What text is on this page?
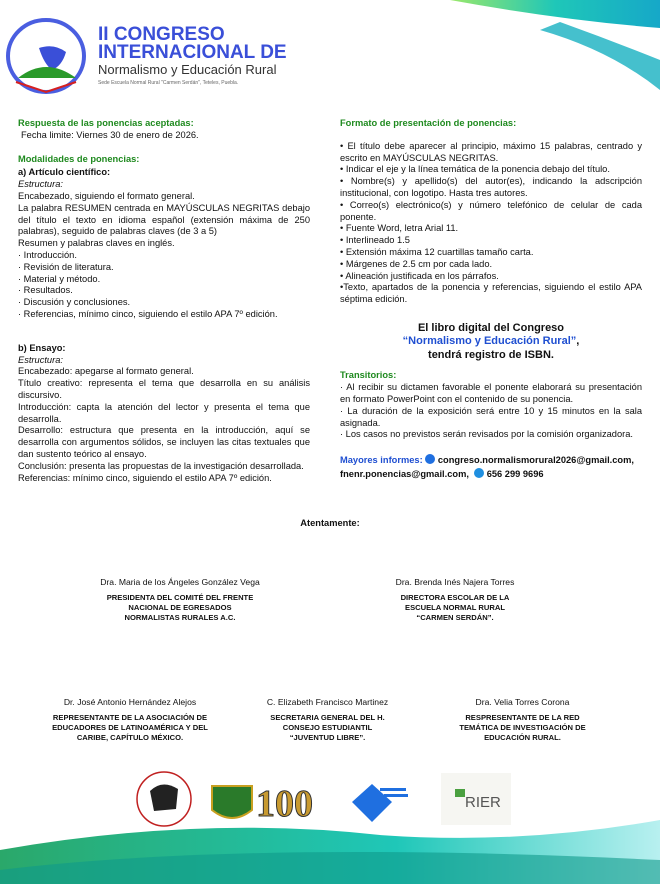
II CONGRESO
INTERNACIONAL DE
Normalismo y Educación Rural
Sede Escuela Normal Rural "Carmen Serdán", Teteles, Puebla.
Respuesta de las ponencias aceptadas:
Fecha limite: Viernes 30 de enero de 2026.
Modalidades de ponencias:
a) Artículo científico:
Estructura:
Encabezado, siguiendo el formato general.
La palabra RESUMEN centrada en MAYÚSCULAS NEGRITAS debajo del título el texto en idioma español (extensión máxima de 250 palabras), seguido de palabras claves (de 3 a 5)
Resumen y palabras claves en inglés.
· Introducción.
· Revisión de literatura.
· Material y método.
· Resultados.
· Discusión y conclusiones.
· Referencias, mínimo cinco, siguiendo el estilo APA 7º edición.
b) Ensayo:
Estructura:
Encabezado: apegarse al formato general.
Título creativo: representa el tema que desarrolla en su análisis discursivo.
Introducción: capta la atención del lector y presenta el tema que desarrolla.
Desarrollo: estructura que presenta en la introducción, aquí se desarrolla con argumentos sólidos, se incluyen las citas textuales que dan sustento teórico al ensayo.
Conclusión: presenta las propuestas de la investigación desarrollada.
Referencias: mínimo cinco, siguiendo el estilo APA 7º edición.
Formato de presentación de ponencias:
• El título debe aparecer al principio, máximo 15 palabras, centrado y escrito en MAYÚSCULAS NEGRITAS.
• Indicar el eje y la línea temática de la ponencia debajo del título.
• Nombre(s) y apellido(s) del autor(es), indicando la adscripción institucional, con logotipo. Hasta tres autores.
• Correo(s) electrónico(s) y número telefónico de celular de cada ponente.
• Fuente Word, letra Arial 11.
• Interlineado 1.5
• Extensión máxima 12 cuartillas tamaño carta.
• Márgenes de 2.5 cm por cada lado.
• Alineación justificada en los párrafos.
•Texto, apartados de la ponencia y referencias, siguiendo el estilo APA séptima edición.
El libro digital del Congreso
“Normalismo y Educación Rural”,
tendrá registro de ISBN.
Transitorios:
· Al recibir su dictamen favorable el ponente elaborará su presentación en formato PowerPoint con el contenido de su ponencia.
· La duración de la exposición será entre 10 y 15 minutos en la sala asignada.
· Los casos no previstos serán revisados por la comisión organizadora.
Mayores informes: congreso.normalismorural2026@gmail.com,
fnenr.ponencias@gmail.com, 656 299 9696
Atentamente:
Dra. Maria de los Ángeles González Vega
PRESIDENTA DEL COMITÉ DEL FRENTE NACIONAL DE EGRESADOS NORMALISTAS RURALES A.C.
Dra. Brenda Inés Najera Torres
DIRECTORA ESCOLAR DE LA ESCUELA NORMAL RURAL “CARMEN SERDÁN”.
Dr. José Antonio Hernández Alejos
REPRESENTANTE DE LA ASOCIACIÓN DE EDUCADORES DE LATINOAMÉRICA Y DEL CARIBE, CAPÍTULO MÉXICO.
C. Elizabeth Francisco Martinez
SECRETARIA GENERAL DEL H. CONSEJO ESTUDIANTIL “JUVENTUD LIBRE”.
Dra. Velia Torres Corona
RESPRESENTANTE DE LA RED TEMÁTICA DE INVESTIGACIÓN DE EDUCACIÓN RURAL.
100	RIER
